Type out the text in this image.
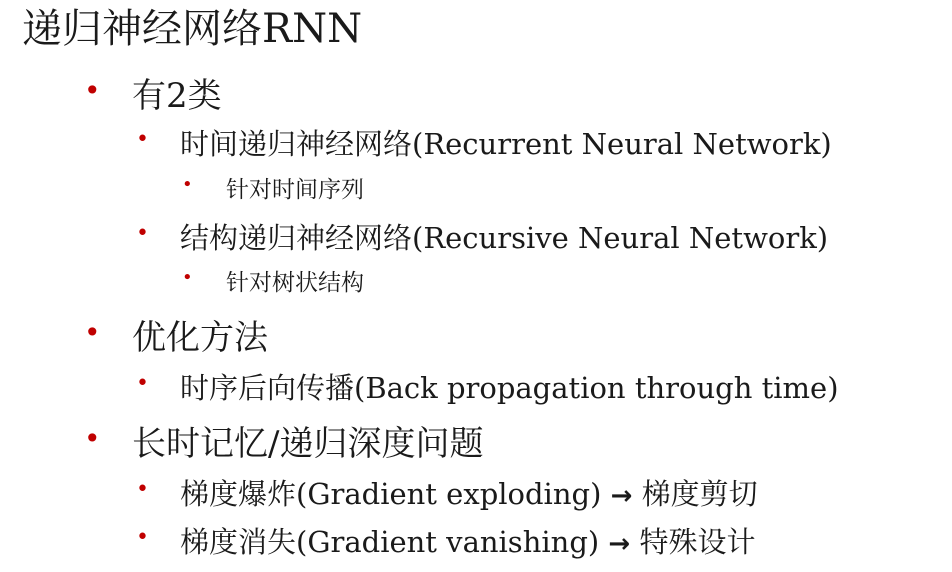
递归神经网络RNN
• 有2类
• 时间递归神经网络(Recurrent Neural Network)
• 针对时间序列
• 结构递归神经网络(Recursive Neural Network)
• 针对树状结构
• 优化方法
• 时序后向传播(Back propagation through time)
• 长时记忆/递归深度问题
• 梯度爆炸(Gradient exploding) → 梯度剪切
• 梯度消失(Gradient vanishing) → 特殊设计
